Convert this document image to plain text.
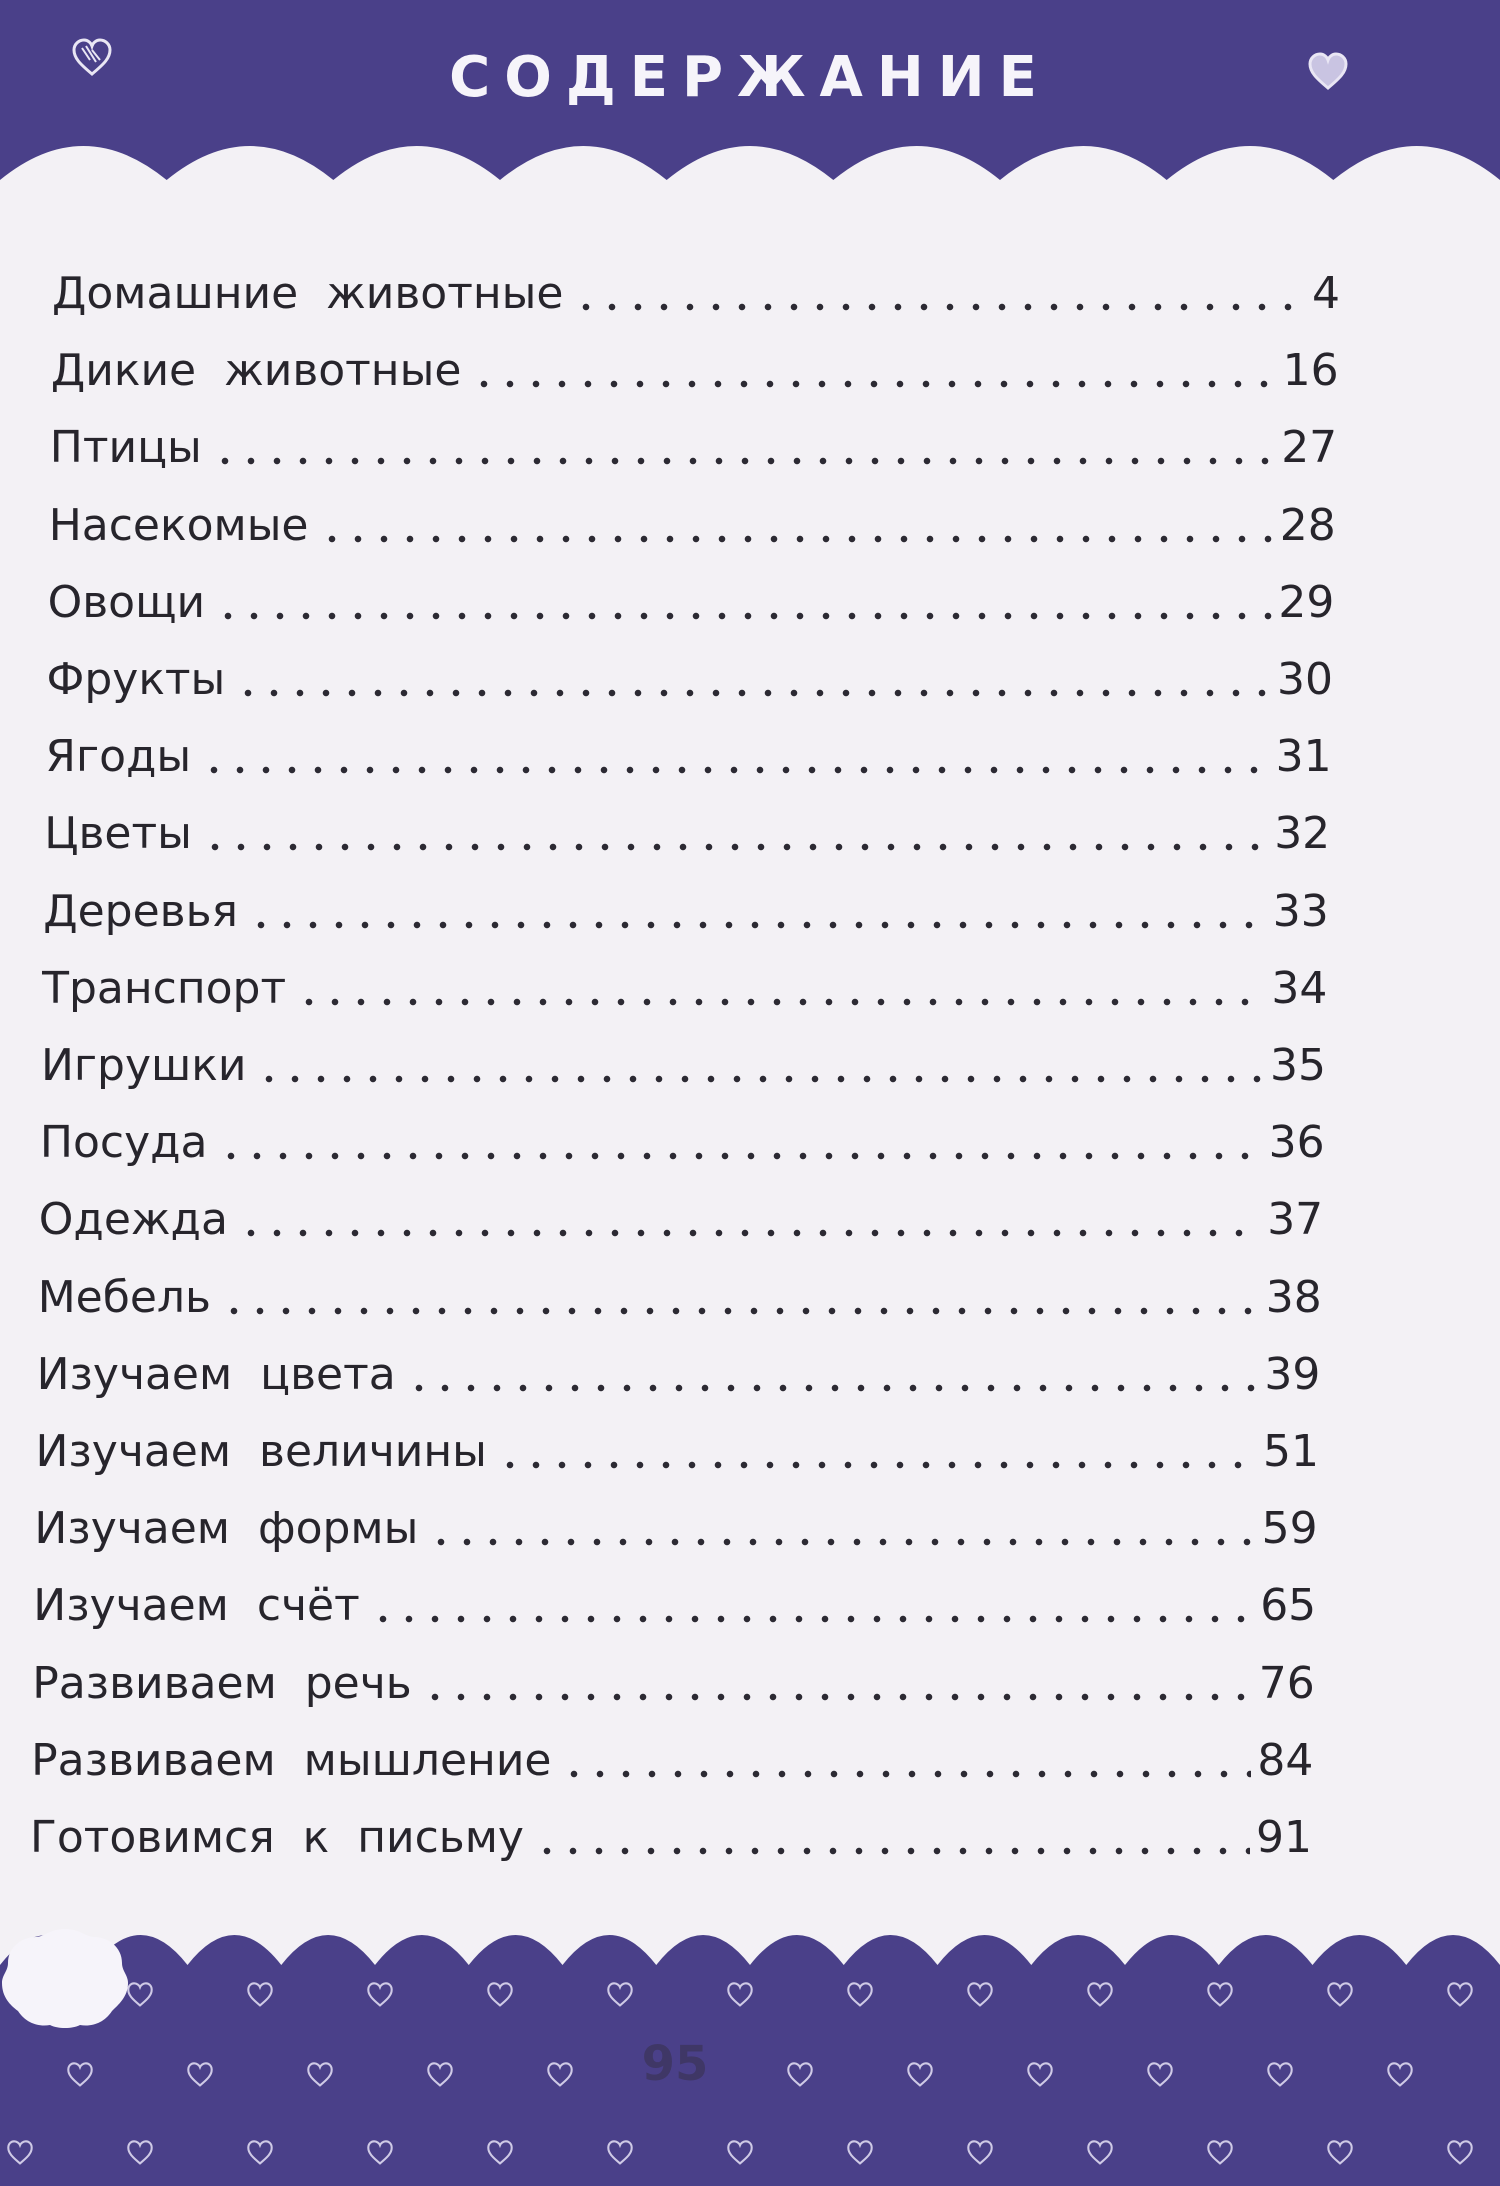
СОДЕРЖАНИЕ
Домашние животные	4
Дикие животные	16
Птицы	27
Насекомые	28
Овощи	29
Фрукты	30
Ягоды	31
Цветы	32
Деревья	33
Транспорт	34
Игрушки	35
Посуда	36
Одежда	37
Мебель	38
Изучаем цвета	39
Изучаем величины	51
Изучаем формы	59
Изучаем счёт	65
Развиваем речь	76
Развиваем мышление	84
Готовимся к письму	91
95
